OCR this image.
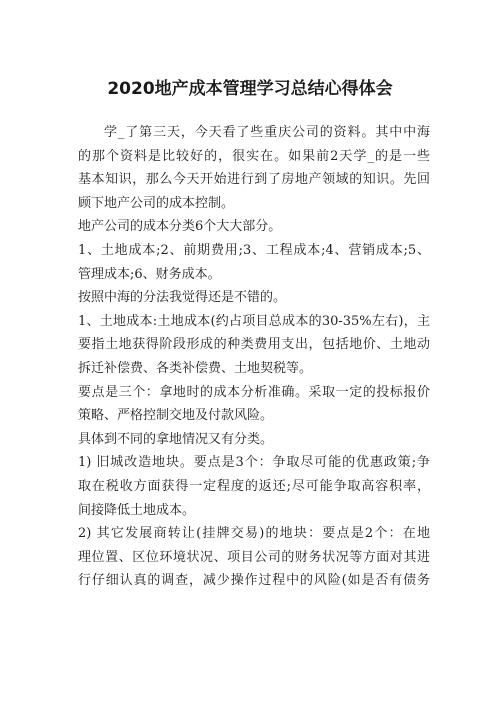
2020地产成本管理学习总结心得体会
学_了第三天，今天看了些重庆公司的资料。其中中海
的那个资料是比较好的，很实在。如果前2天学_的是一些
基本知识，那么今天开始进行到了房地产领域的知识。先回
顾下地产公司的成本控制。
地产公司的成本分类6个大大部分。
1、土地成本;2、前期费用;3、工程成本;4、营销成本;5、
管理成本;6、财务成本。
按照中海的分法我觉得还是不错的。
1、土地成本:土地成本(约占项目总成本的30-35%左右)，主
要指土地获得阶段形成的种类费用支出，包括地价、土地动
拆迁补偿费、各类补偿费、土地契税等。
要点是三个：拿地时的成本分析准确。采取一定的投标报价
策略、严格控制交地及付款风险。
具体到不同的拿地情况又有分类。
1) 旧城改造地块。要点是3个：争取尽可能的优惠政策;争
取在税收方面获得一定程度的返还;尽可能争取高容积率，
间接降低土地成本。
2) 其它发展商转让(挂牌交易)的地块：要点是2个：在地
理位置、区位环境状况、项目公司的财务状况等方面对其进
行仔细认真的调查，减少操作过程中的风险(如是否有债务
